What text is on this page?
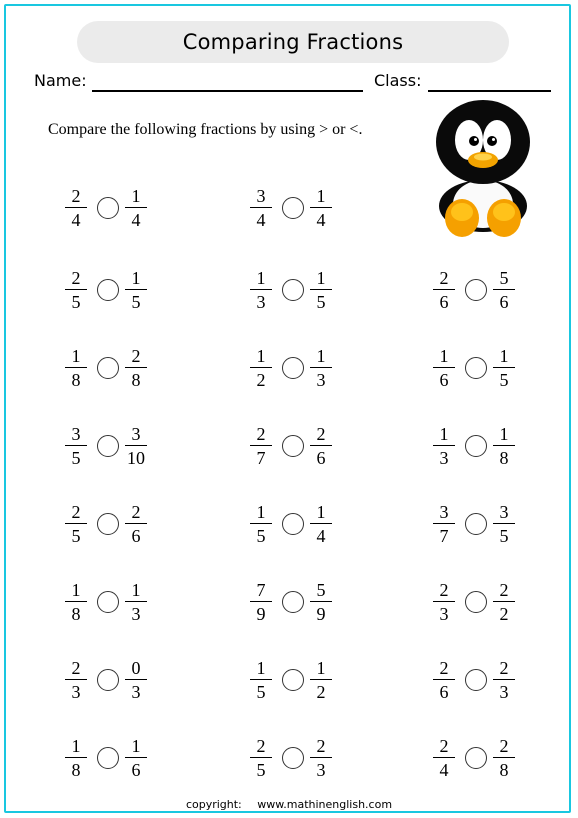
Comparing Fractions
Name:	Class:
Compare the following fractions by using > or <.
$\frac{2}{4} \frac{1}{4}$
$\frac{2}{5} \frac{1}{5}$
$\frac{1}{8} \frac{2}{8}$
$\frac{3}{5} \frac{3}{10}$
$\frac{2}{5} \frac{2}{6}$
$\frac{1}{8} \frac{1}{3}$
$\frac{2}{3} \frac{0}{3}$
$\frac{1}{8} \frac{1}{6}$
$\frac{3}{4} \frac{1}{4}$
$\frac{1}{3} \frac{1}{5}$
$\frac{1}{2} \frac{1}{3}$
$\frac{2}{7} \frac{2}{6}$
$\frac{1}{5} \frac{1}{4}$
$\frac{7}{9} \frac{5}{9}$
$\frac{1}{5} \frac{1}{2}$
$\frac{2}{5} \frac{2}{3}$
$\frac{2}{6} \frac{5}{6}$
$\frac{1}{6} \frac{1}{5}$
$\frac{1}{3} \frac{1}{8}$
$\frac{3}{7} \frac{3}{5}$
$\frac{2}{3} \frac{2}{2}$
$\frac{2}{6} \frac{2}{3}$
$\frac{2}{4} \frac{2}{8}$
copyright: www.mathinenglish.com
